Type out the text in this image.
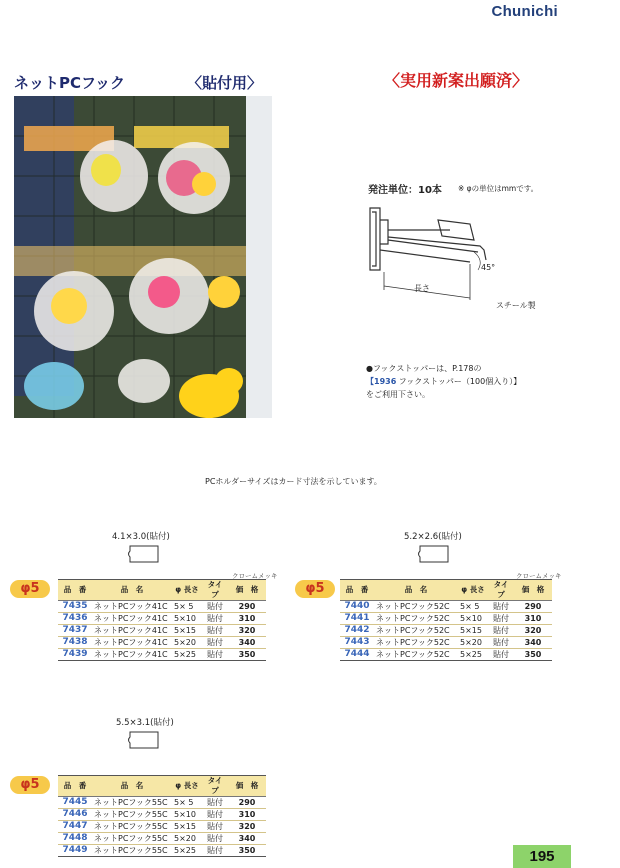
Chunichi
ネットPCフック	〈貼付用〉	〈実用新案出願済〉
発注単位：10本 ※ φの単位はmmです。
長さ
45°
スチール製
●フックストッパーは、P.178の
【1936 フックストッパー（100個入り）】
をご利用下さい。
PCホルダーサイズはカード寸法を示しています。
4.1×3.0(貼付)
クロームメッキ
φ5	品　番	品　名	φ 長さ	タイプ	価　格
7435	ネットPCフック41C	5× 5	貼付	290
7436	ネットPCフック41C	5×10	貼付	310
7437	ネットPCフック41C	5×15	貼付	320
7438	ネットPCフック41C	5×20	貼付	340
7439	ネットPCフック41C	5×25	貼付	350
5.2×2.6(貼付)
クロームメッキ
φ5	品　番	品　名	φ 長さ	タイプ	価　格
7440	ネットPCフック52C	5× 5	貼付	290
7441	ネットPCフック52C	5×10	貼付	310
7442	ネットPCフック52C	5×15	貼付	320
7443	ネットPCフック52C	5×20	貼付	340
7444	ネットPCフック52C	5×25	貼付	350
5.5×3.1(貼付)
φ5	品　番	品　名	φ 長さ	タイプ	価　格
7445	ネットPCフック55C	5× 5	貼付	290
7446	ネットPCフック55C	5×10	貼付	310
7447	ネットPCフック55C	5×15	貼付	320
7448	ネットPCフック55C	5×20	貼付	340
7449	ネットPCフック55C	5×25	貼付	350	195
